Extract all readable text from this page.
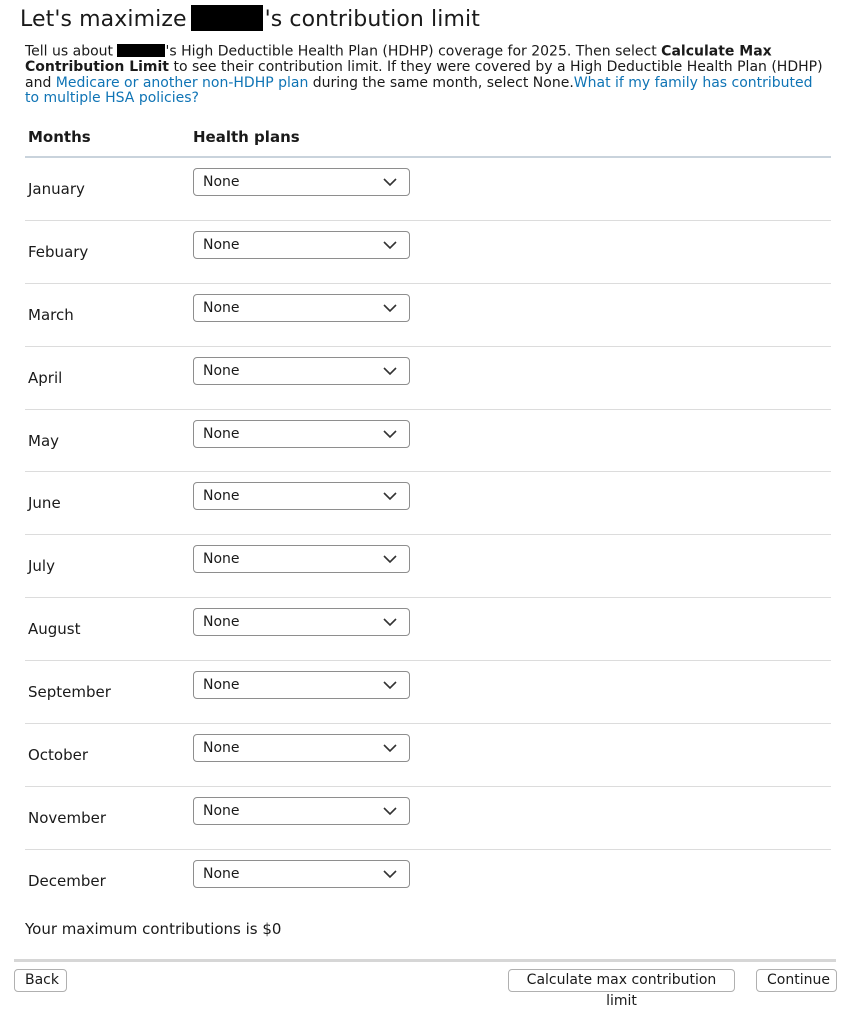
Let's maximize	's contribution limit

Tell us about	's High Deductible Health Plan (HDHP) coverage for 2025. Then select Calculate Max Contribution Limit to see their contribution limit. If they were covered by a High Deductible Health Plan (HDHP) and Medicare or another non-HDHP plan during the same month, select None.What if my family has contributed to multiple HSA policies?

Months	Health plans
January	None
Febuary	None
March	None
April	None
May	None
June	None
July	None
August	None
September	None
October	None
November	None
December	None
Your maximum contributions is $0
Back	Calculate max contribution limit
Continue
